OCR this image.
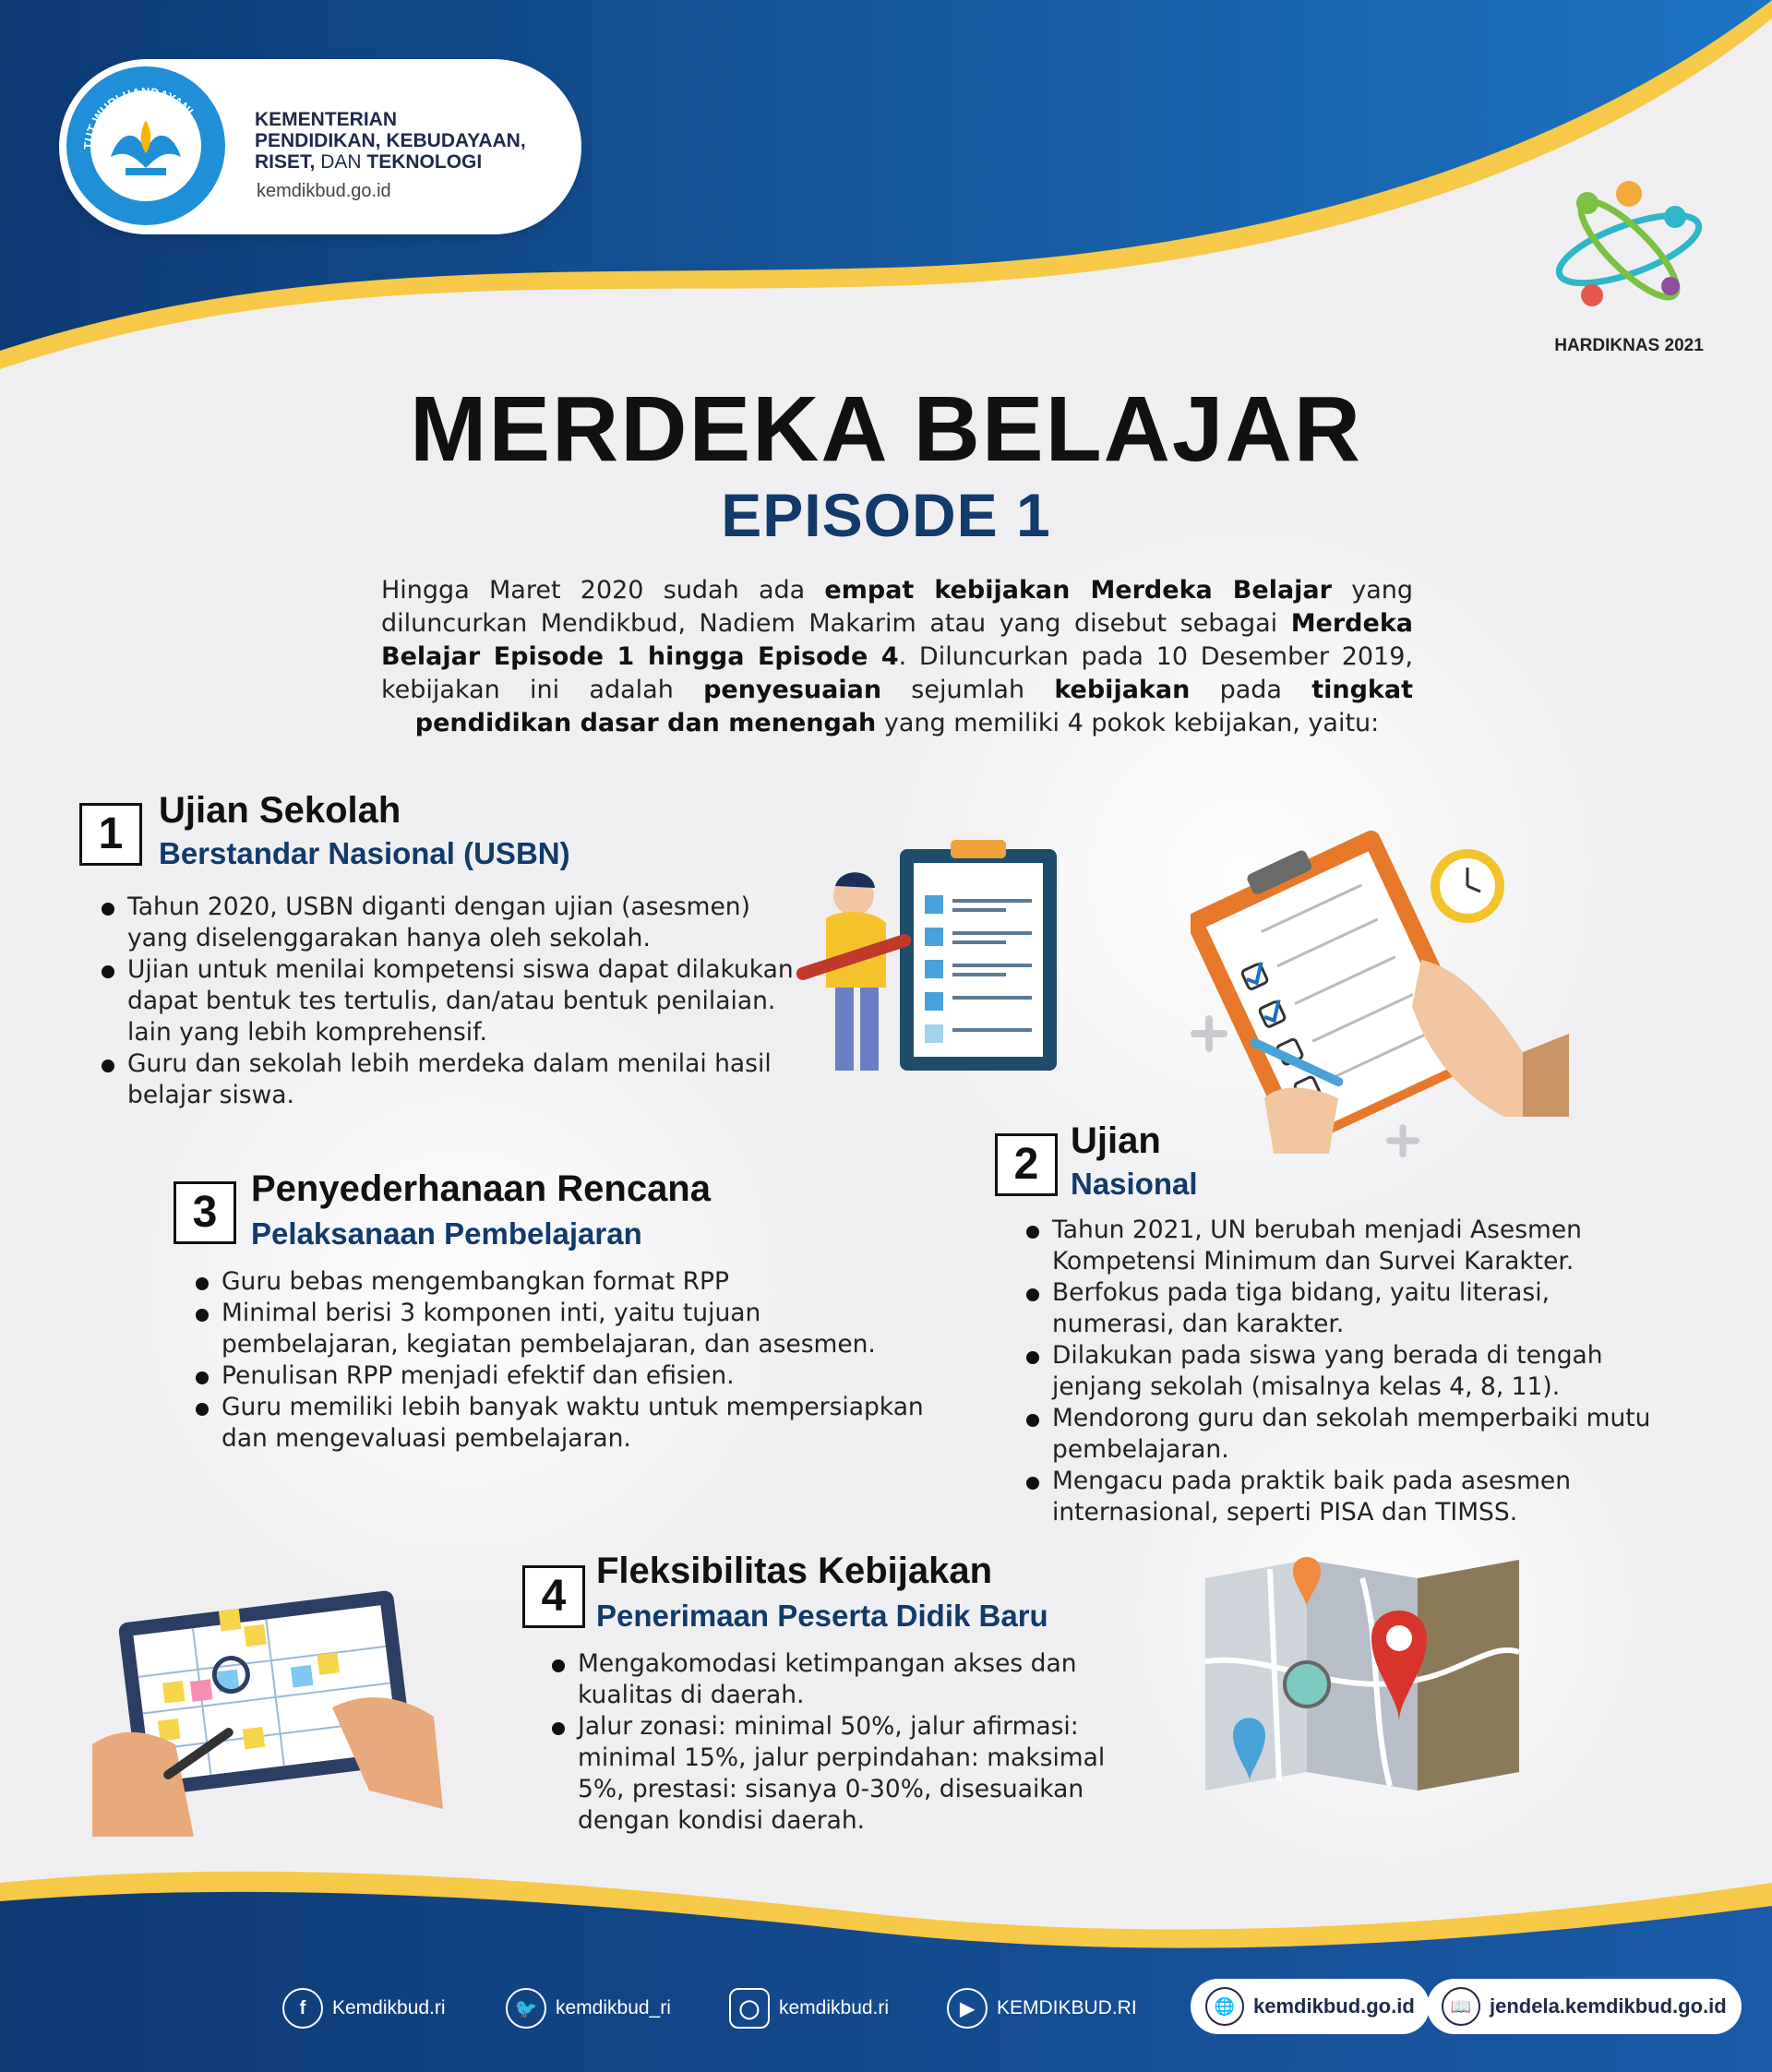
TUT WURI HANDAYANI	KEMENTERIAN
PENDIDIKAN, KEBUDAYAAN,
RISET, DAN TEKNOLOGI
kemdikbud.go.id
HARDIKNAS 2021
MERDEKA BELAJAR
EPISODE 1
Hingga Maret 2020 sudah ada empat kebijakan Merdeka Belajar yang diluncurkan Mendikbud, Nadiem Makarim atau yang disebut sebagai Merdeka Belajar Episode 1 hingga Episode 4. Diluncurkan pada 10 Desember 2019, kebijakan ini adalah penyesuaian sejumlah kebijakan pada tingkat pendidikan dasar dan menengah yang memiliki 4 pokok kebijakan, yaitu:
1 Ujian Sekolah
Berstandar Nasional (USBN)
Tahun 2020, USBN diganti dengan ujian (asesmen) yang diselenggarakan hanya oleh sekolah.
Ujian untuk menilai kompetensi siswa dapat dilakukan dapat bentuk tes tertulis, dan/atau bentuk penilaian. lain yang lebih komprehensif.
Guru dan sekolah lebih merdeka dalam menilai hasil belajar siswa.
2 Ujian
Nasional
Tahun 2021, UN berubah menjadi Asesmen Kompetensi Minimum dan Survei Karakter.
Berfokus pada tiga bidang, yaitu literasi, numerasi, dan karakter.
Dilakukan pada siswa yang berada di tengah jenjang sekolah (misalnya kelas 4, 8, 11).
Mendorong guru dan sekolah memperbaiki mutu pembelajaran.
Mengacu pada praktik baik pada asesmen internasional, seperti PISA dan TIMSS.
3 Penyederhanaan Rencana
Pelaksanaan Pembelajaran
Guru bebas mengembangkan format RPP
Minimal berisi 3 komponen inti, yaitu tujuan pembelajaran, kegiatan pembelajaran, dan asesmen.
Penulisan RPP menjadi efektif dan efisien.
Guru memiliki lebih banyak waktu untuk mempersiapkan dan mengevaluasi pembelajaran.
4
Fleksibilitas Kebijakan
Penerimaan Peserta Didik Baru
Mengakomodasi ketimpangan akses dan kualitas di daerah.
Jalur zonasi: minimal 50%, jalur afirmasi: minimal 15%, jalur perpindahan: maksimal 5%, prestasi: sisanya 0-30%, disesuaikan dengan kondisi daerah.
f	Kemdikbud.ri	🐦 kemdikbud_ri	◯ kemdikbud.ri	▶	KEMDIKBUD.RI	🌐 kemdikbud.go.id	📖 jendela.kemdikbud.go.id
